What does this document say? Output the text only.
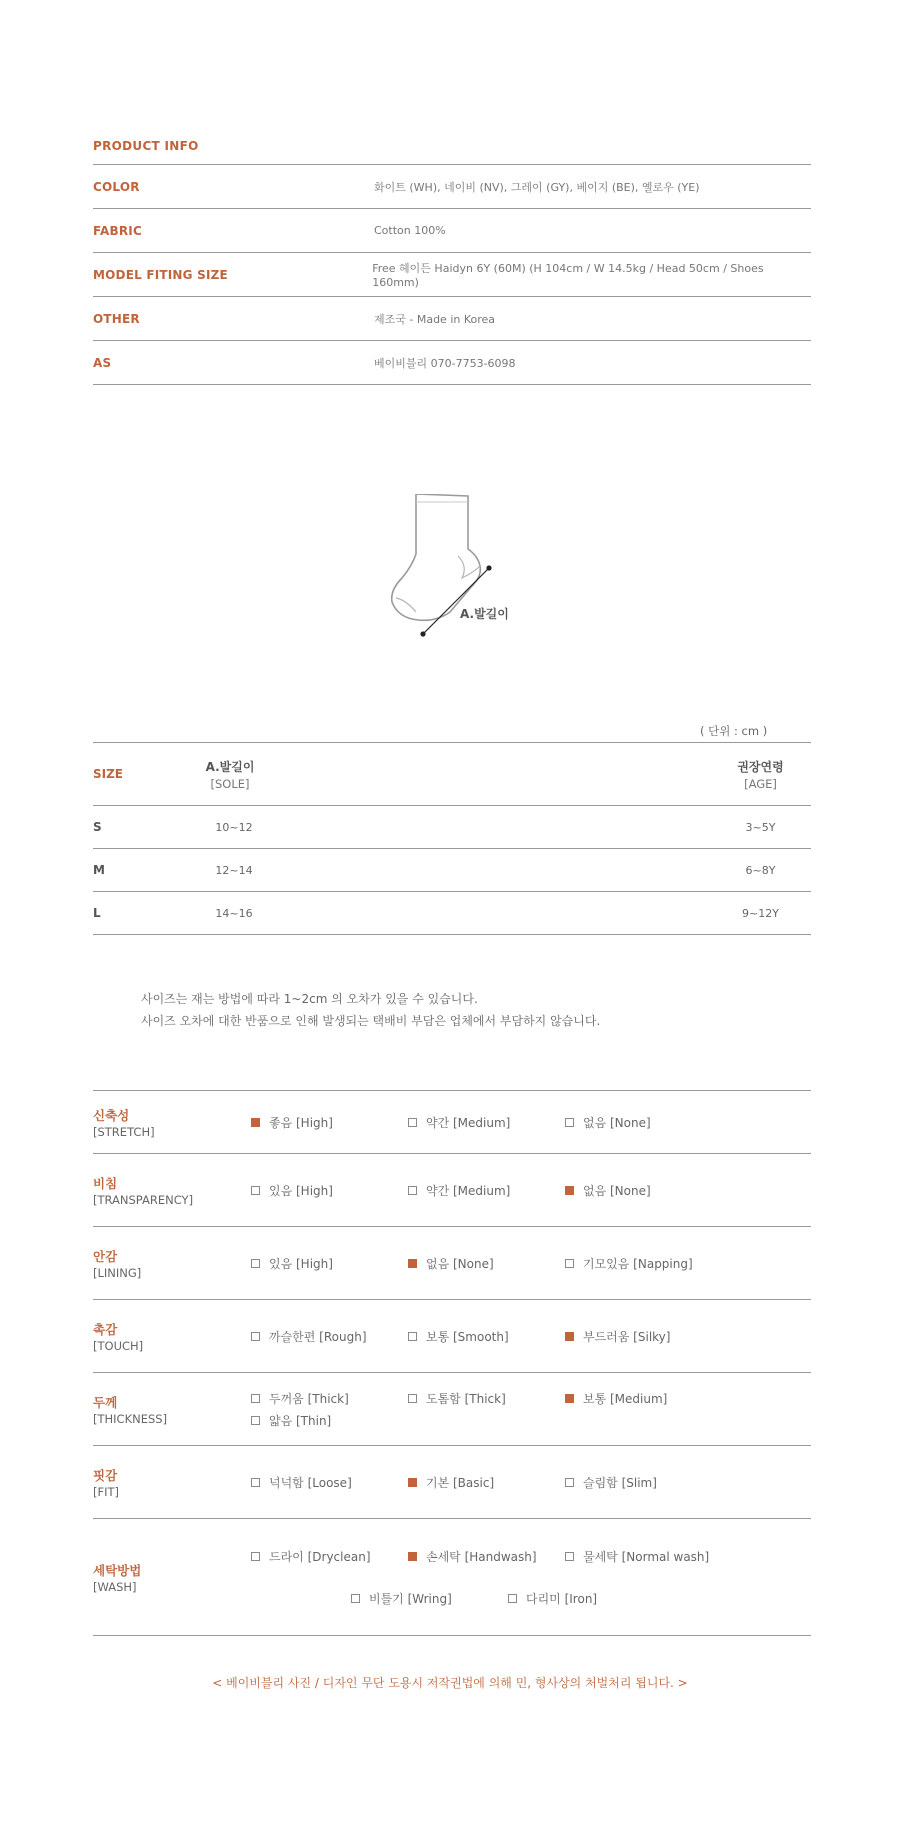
PRODUCT INFO
COLOR	화이트 (WH), 네이비 (NV), 그레이 (GY), 베이지 (BE), 옐로우 (YE)
FABRIC	Cotton 100%
MODEL FITING SIZE	Free 헤이든 Haidyn 6Y (60M) (H 104cm / W 14.5kg / Head 50cm / Shoes 160mm)
OTHER	제조국 - Made in Korea
AS	베이비블리 070-7753-6098
A.발길이
( 단위 : cm )
SIZE
A.발길이
[SOLE]
권장연령
[AGE]
S	10~12	3~5Y
M	12~14	6~8Y
L	14~16	9~12Y
사이즈는 재는 방법에 따라 1~2cm 의 오차가 있을 수 있습니다.
사이즈 오차에 대한 반품으로 인해 발생되는 택배비 부담은 업체에서 부담하지 않습니다.
신축성
[STRETCH]
좋음 [High]	약간 [Medium]	없음 [None]
비침
[TRANSPARENCY]
있음 [High]	약간 [Medium]	없음 [None]
안감
[LINING]
있음 [High]	없음 [None]	기모있음 [Napping]
촉감
[TOUCH]
까슬한편 [Rough]	보통 [Smooth]	부드러움 [Silky]
두께
[THICKNESS]
두꺼움 [Thick]	도톰함 [Thick]	보통 [Medium]
얇음 [Thin]
핏감
[FIT]
넉넉함 [Loose]	기본 [Basic]	슬림함 [Slim]
세탁방법
[WASH]
드라이 [Dryclean]	손세탁 [Handwash]	물세탁 [Normal wash]
비틀기 [Wring]	다리미 [Iron]
< 베이비블리 사진 / 디자인 무단 도용시 저작권법에 의해 민, 형사상의 처벌처리 됩니다. >
